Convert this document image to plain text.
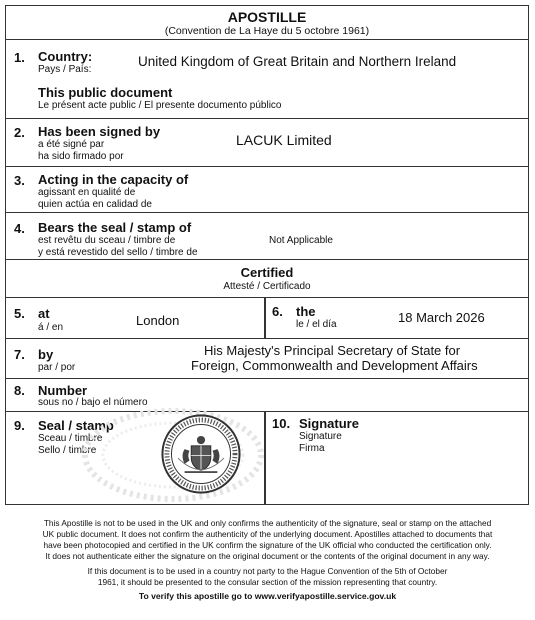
APOSTILLE
(Convention de La Haye du 5 octobre 1961)
1. Country:
Pays / País:
United Kingdom of Great Britain and Northern Ireland
This public document
Le présent acte public / El presente documento público
2. Has been signed by
a été signé par
ha sido firmado por
LACUK Limited
3. Acting in the capacity of
agissant en qualité de
quien actúa en calidad de
4. Bears the seal / stamp of
est revêtu du sceau / timbre de
y está revestido del sello / timbre de
Not Applicable
Certified
Attesté / Certificado
5. at
á / en	London
6. the
le / el día	18 March 2026
7. by
par / por
His Majesty's Principal Secretary of State for
Foreign, Commonwealth and Development Affairs
8. Number
sous no / bajo el número
9. Seal / stamp
Sceau / timbre
Sello / timbre
10. Signature
Signature
Firma
This Apostille is not to be used in the UK and only confirms the authenticity of the signature, seal or stamp on the attached
UK public document. It does not confirm the authenticity of the underlying document. Apostilles attached to documents that
have been photocopied and certified in the UK confirm the signature of the UK official who conducted the certification only.
It does not authenticate either the signature on the original document or the contents of the original document in any way.
If this document is to be used in a country not party to the Hague Convention of the 5th of October
1961, it should be presented to the consular section of the mission representing that country.
To verify this apostille go to www.verifyapostille.service.gov.uk
